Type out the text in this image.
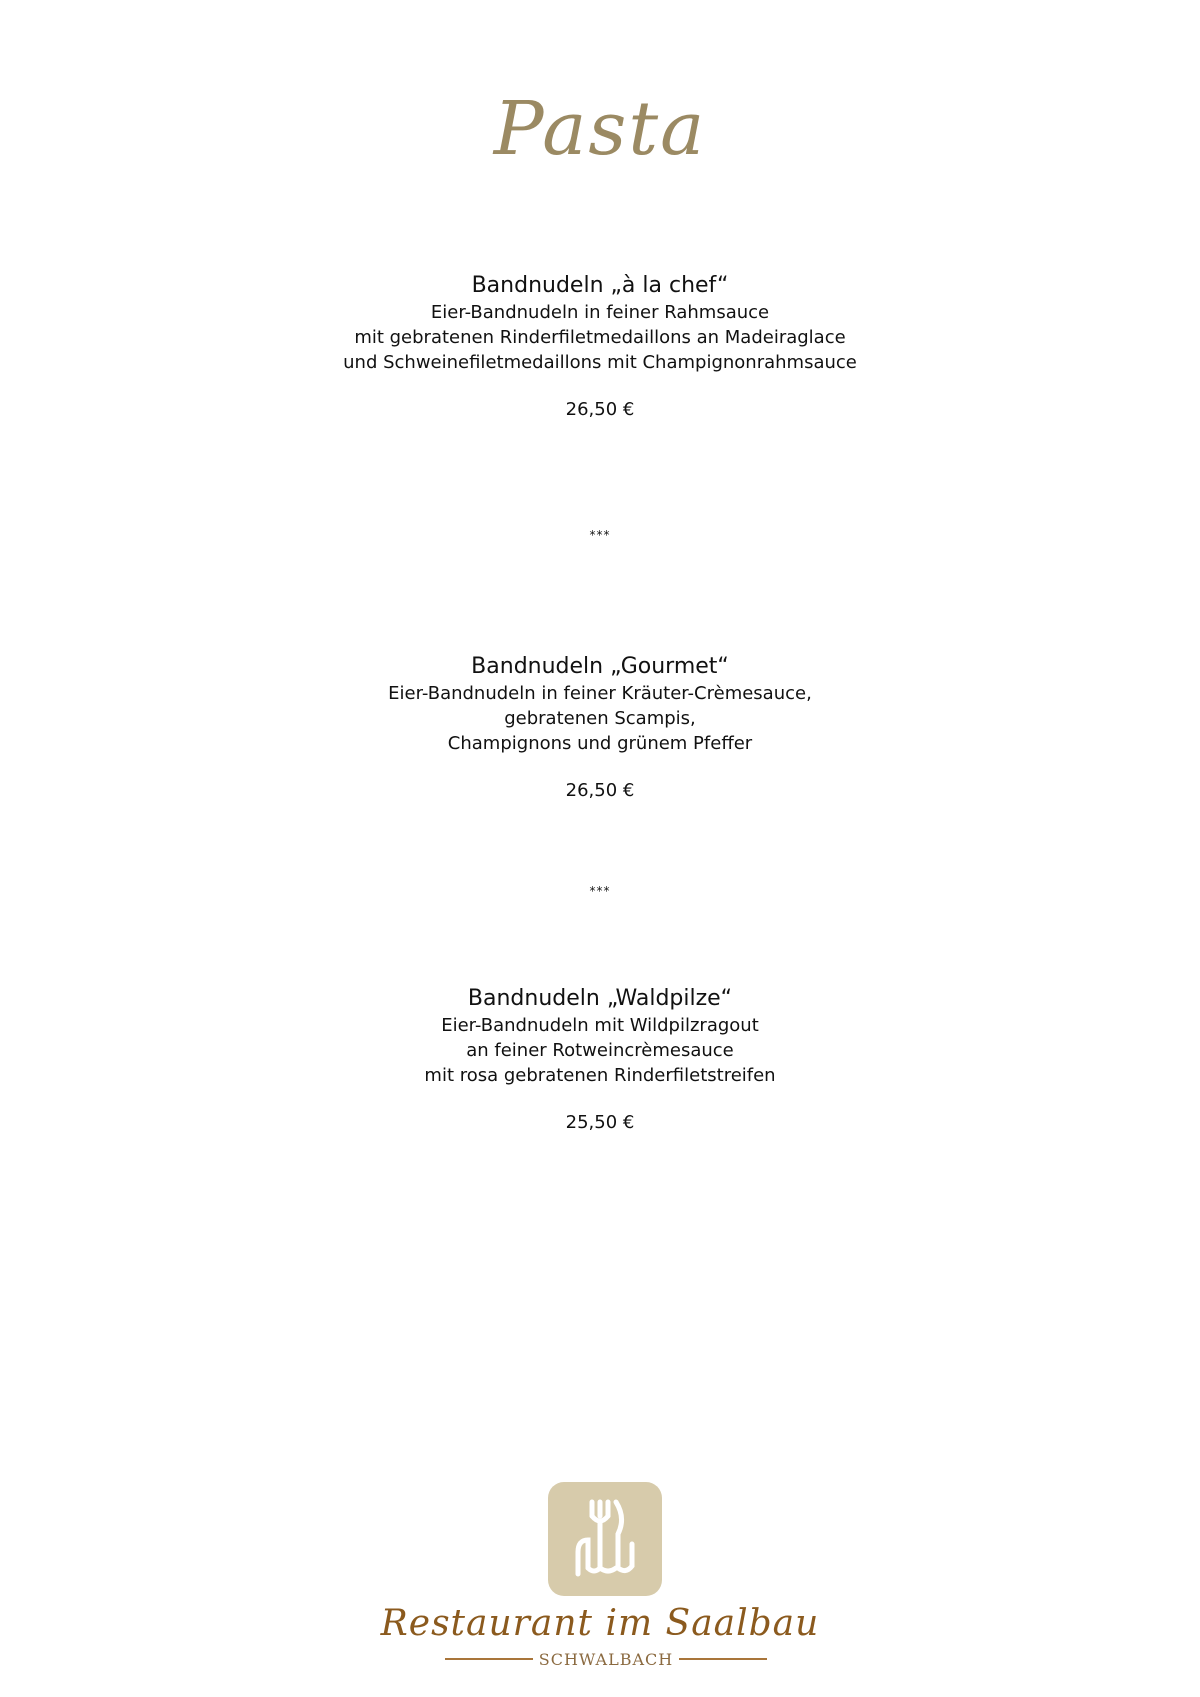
Pasta
Bandnudeln „à la chef“
Eier-Bandnudeln in feiner Rahmsauce
mit gebratenen Rinderfiletmedaillons an Madeiraglace
und Schweinefiletmedaillons mit Champignonrahmsauce
26,50 €
***
Bandnudeln „Gourmet“
Eier-Bandnudeln in feiner Kräuter-Crèmesauce,
gebratenen Scampis,
Champignons und grünem Pfeffer
26,50 €
***
Bandnudeln „Waldpilze“
Eier-Bandnudeln mit Wildpilzragout
an feiner Rotweincrèmesauce
mit rosa gebratenen Rinderfiletstreifen
25,50 €
Restaurant im Saalbau
SCHWALBACH
